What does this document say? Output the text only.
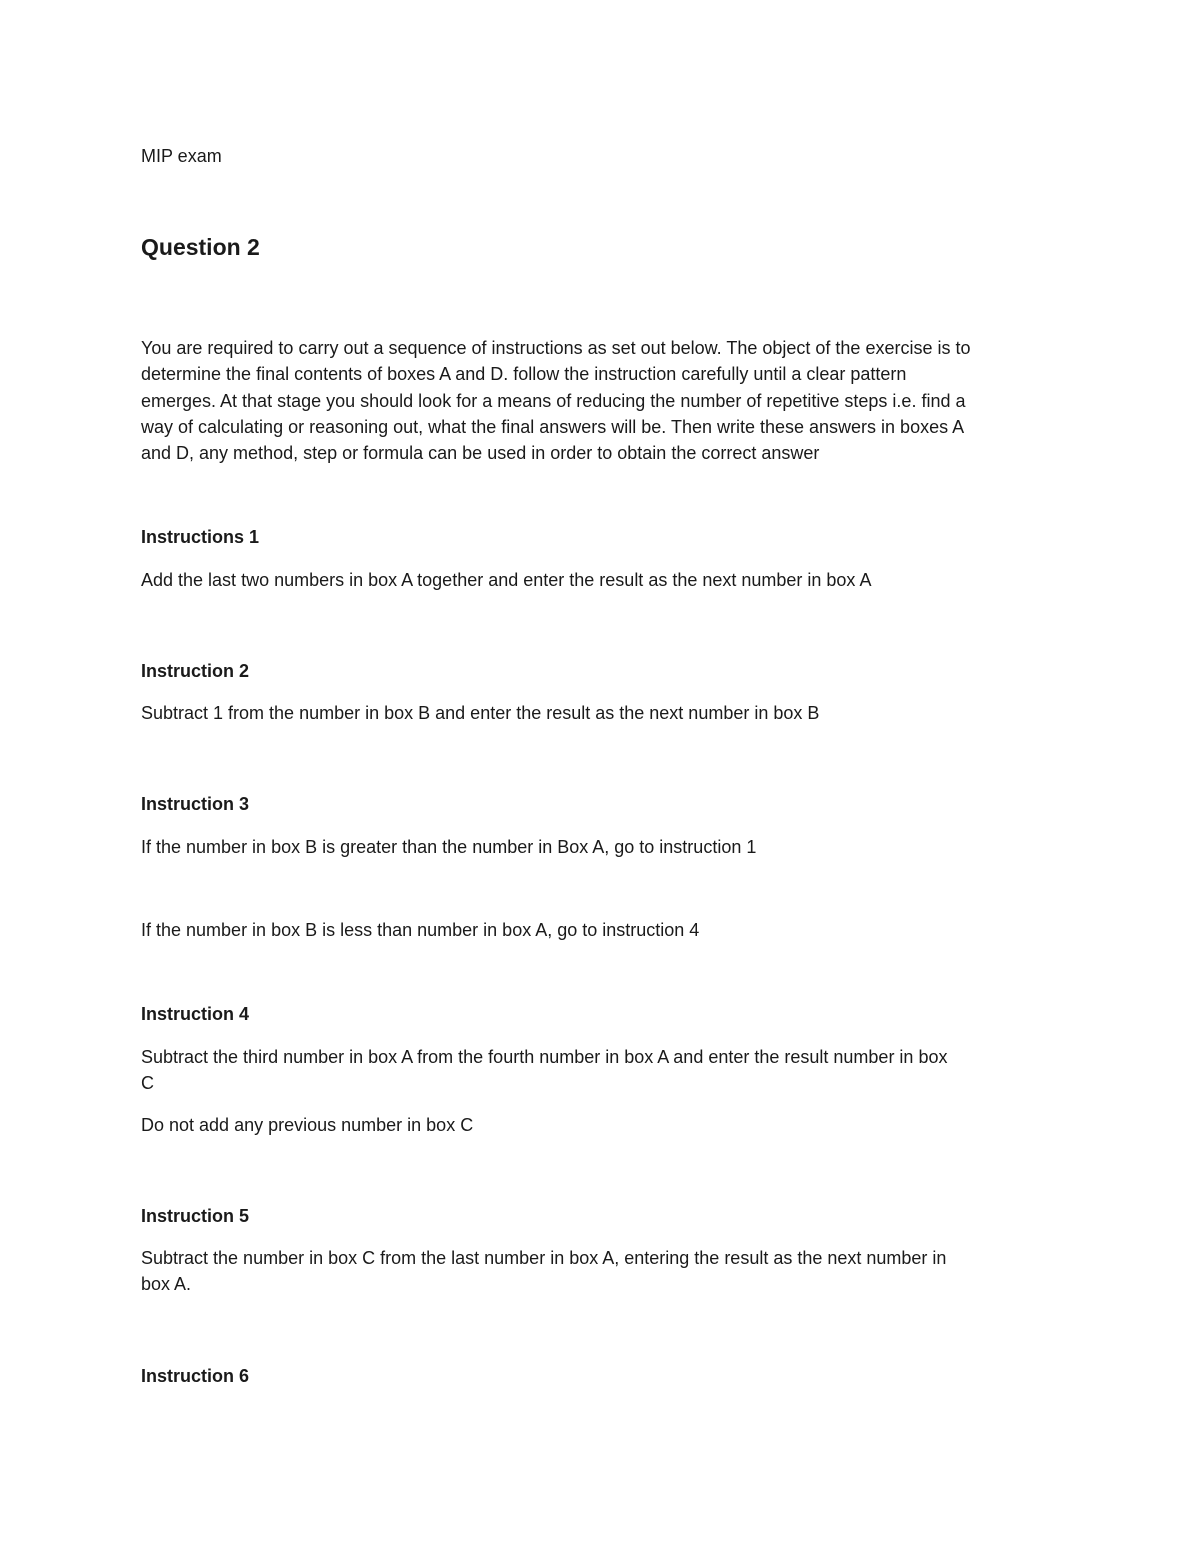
MIP exam

Question 2
You are required to carry out a sequence of instructions as set out below. The object of the exercise is to
determine the final contents of boxes A and D. follow the instruction carefully until a clear pattern
emerges. At that stage you should look for a means of reducing the number of repetitive steps i.e. find a
way of calculating or reasoning out, what the final answers will be. Then write these answers in boxes A
and D, any method, step or formula can be used in order to obtain the correct answer

Instructions 1

Add the last two numbers in box A together and enter the result as the next number in box A

Instruction 2

Subtract 1 from the number in box B and enter the result as the next number in box B

Instruction 3

If the number in box B is greater than the number in Box A, go to instruction 1

If the number in box B is less than number in box A, go to instruction 4

Instruction 4

Subtract the third number in box A from the fourth number in box A and enter the result number in box

C

Do not add any previous number in box C

Instruction 5

Subtract the number in box C from the last number in box A, entering the result as the next number in

box A.

Instruction 6
